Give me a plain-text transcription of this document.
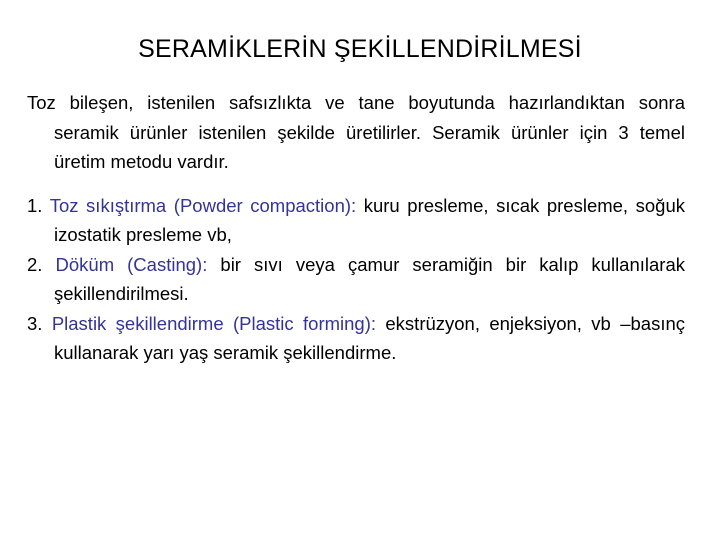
SERAMİKLERİN ŞEKİLLENDİRİLMESİ

Toz bileşen, istenilen safsızlıkta ve tane boyutunda hazırlandıktan sonra seramik ürünler istenilen şekilde üretilirler. Seramik ürünler için 3 temel üretim metodu vardır.

1. Toz sıkıştırma (Powder compaction): kuru presleme, sıcak presleme, soğuk izostatik presleme vb,

2. Döküm (Casting): bir sıvı veya çamur seramiğin bir kalıp kullanılarak şekillendirilmesi.

3. Plastik şekillendirme (Plastic forming): ekstrüzyon, enjeksiyon, vb –basınç kullanarak yarı yaş seramik şekillendirme.
